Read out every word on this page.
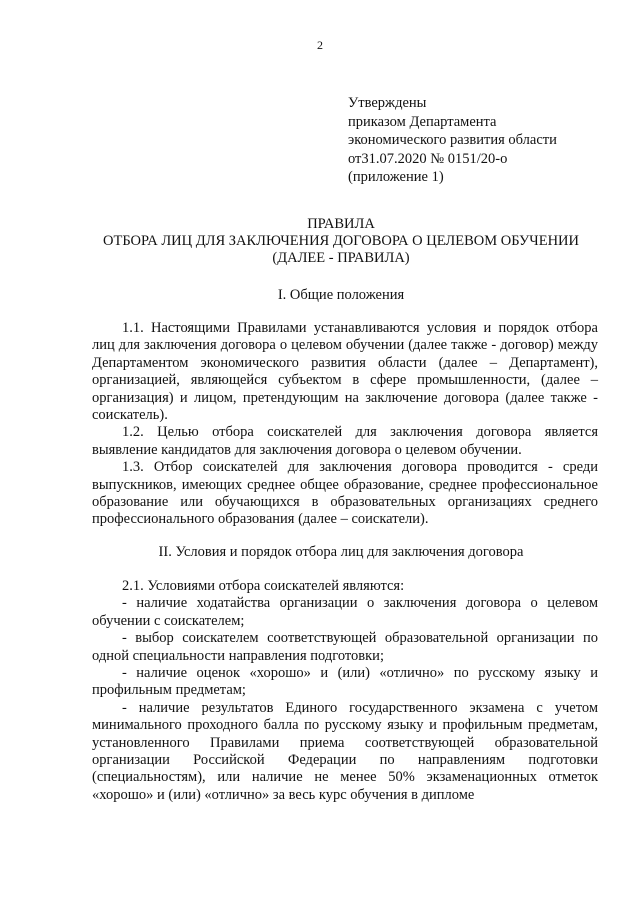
2
Утверждены
приказом Департамента
экономического развития области
от31.07.2020 № 0151/20-о
(приложение 1)
ПРАВИЛА
ОТБОРА ЛИЦ ДЛЯ ЗАКЛЮЧЕНИЯ ДОГОВОРА О ЦЕЛЕВОМ ОБУЧЕНИИ
(ДАЛЕЕ - ПРАВИЛА)
I. Общие положения

1.1. Настоящими Правилами устанавливаются условия и порядок отбора лиц для заключения договора о целевом обучении (далее также - договор) между Департаментом экономического развития области (далее – Департамент), организацией, являющейся субъектом в сфере промышленности, (далее – организация) и лицом, претендующим на заключение договора (далее также - соискатель).

1.2. Целью отбора соискателей для заключения договора является выявление кандидатов для заключения договора о целевом обучении.

1.3. Отбор соискателей для заключения договора проводится - среди выпускников, имеющих среднее общее образование, среднее профессиональное образование или обучающихся в образовательных организациях среднего профессионального образования (далее – соискатели).

II. Условия и порядок отбора лиц для заключения договора

2.1. Условиями отбора соискателей являются:

- наличие ходатайства организации о заключения договора о целевом обучении с соискателем;

- выбор соискателем соответствующей образовательной организации по одной специальности направления подготовки;

- наличие оценок «хорошо» и (или) «отлично» по русскому языку и профильным предметам;

- наличие результатов Единого государственного экзамена с учетом минимального проходного балла по русскому языку и профильным предметам, установленного Правилами приема соответствующей образовательной организации Российской Федерации по направлениям подготовки (специальностям), или наличие не менее 50% экзаменационных отметок «хорошо» и (или) «отлично» за весь курс обучения в дипломе
